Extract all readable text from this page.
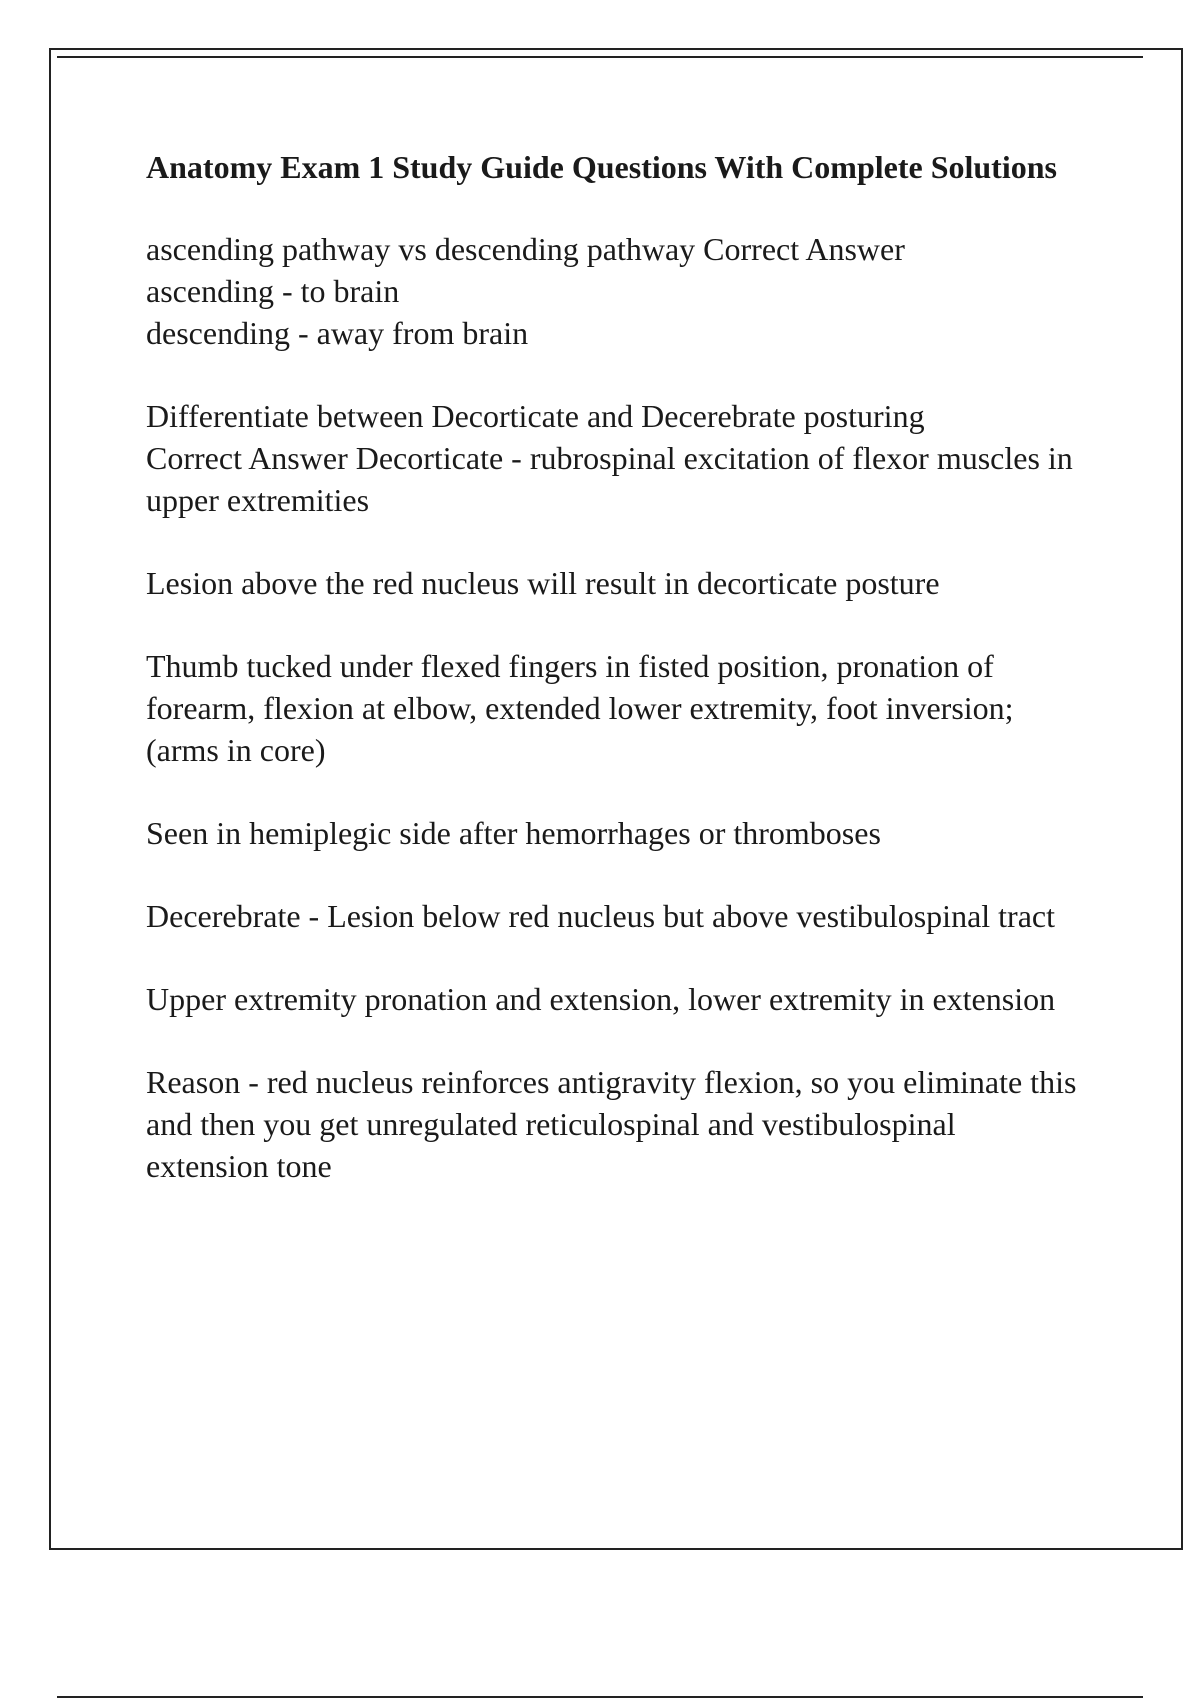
Anatomy Exam 1 Study Guide Questions With Complete Solutions

ascending pathway vs descending pathway Correct Answer
ascending - to brain
descending - away from brain

Differentiate between Decorticate and Decerebrate posturing
Correct Answer Decorticate - rubrospinal excitation of flexor muscles in upper extremities

Lesion above the red nucleus will result in decorticate posture

Thumb tucked under flexed fingers in fisted position, pronation of forearm, flexion at elbow, extended lower extremity, foot inversion; (arms in core)

Seen in hemiplegic side after hemorrhages or thromboses

Decerebrate - Lesion below red nucleus but above vestibulospinal tract

Upper extremity pronation and extension, lower extremity in extension

Reason - red nucleus reinforces antigravity flexion, so you eliminate this and then you get unregulated reticulospinal and vestibulospinal extension tone
